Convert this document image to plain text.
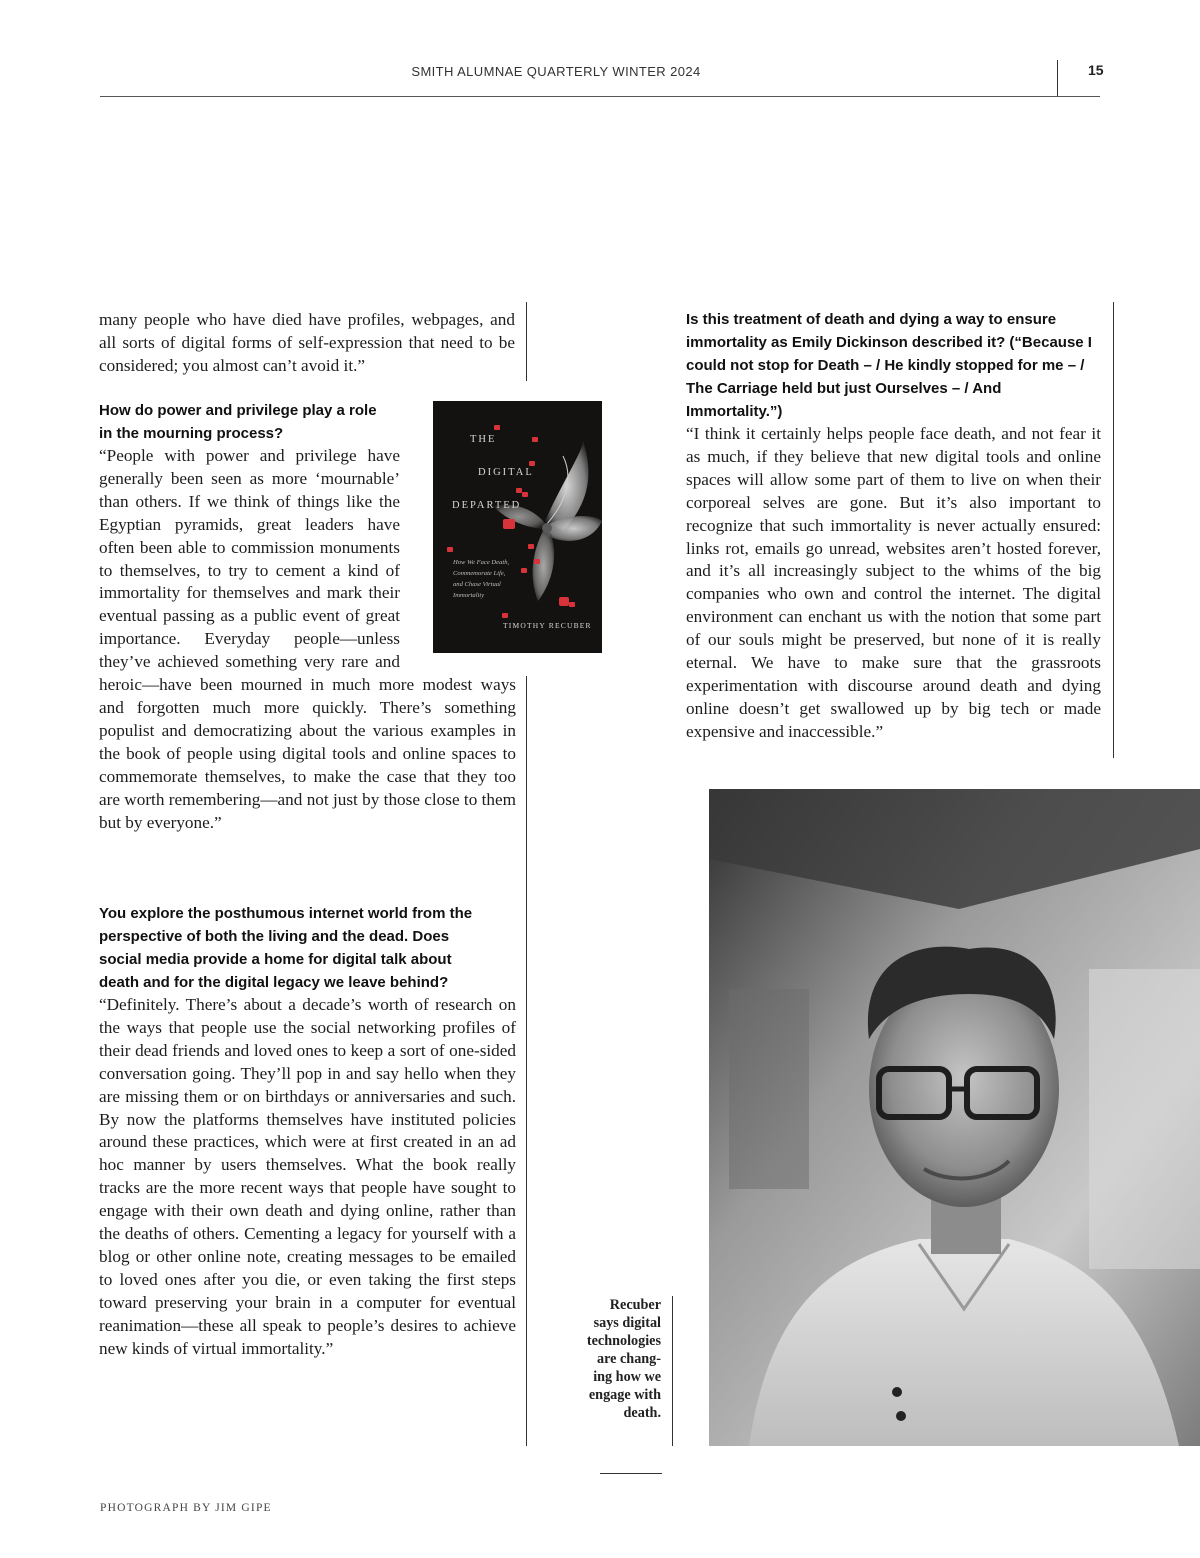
SMITH ALUMNAE QUARTERLY WINTER 2024	15
many people who have died have profiles, webpages, and all sorts of digital forms of self-expression that need to be considered; you almost can’t avoid it.”
How do power and privilege play a role in the mourning process?
“People with power and privilege have generally been seen as more ‘mournable’ than others. If we think of things like the Egyptian pyramids, great leaders have often been able to commission monuments to themselves, to try to cement a kind of immortality for themselves and mark their eventual passing as a public event of great importance. Everyday people—unless they’ve achieved something very rare and heroic—have been mourned in much more modest ways and forgotten much more quickly. There’s something populist and democratizing about the various examples in the book of people using digital tools and online spaces to commemorate themselves, to make the case that they too are worth remembering—and not just by those close to them but by everyone.”
You explore the posthumous internet world from the perspective of both the living and the dead. Does social media provide a home for digital talk about death and for the digital legacy we leave behind?
“Definitely. There’s about a decade’s worth of research on the ways that people use the social networking profiles of their dead friends and loved ones to keep a sort of one-sided conversation going. They’ll pop in and say hello when they are missing them or on birthdays or anniversaries and such. By now the platforms themselves have instituted policies around these practices, which were at first created in an ad hoc manner by users themselves. What the book really tracks are the more recent ways that people have sought to engage with their own death and dying online, rather than the deaths of others. Cementing a legacy for yourself with a blog or other online note, creating messages to be emailed to loved ones after you die, or even taking the first steps toward preserving your brain in a computer for eventual reanimation—these all speak to people’s desires to achieve new kinds of virtual immortality.”
THE
DIGITAL
DEPARTED
How We Face Death,
Commemorate Life,
and Chase Virtual
Immortality
TIMOTHY RECUBER
Is this treatment of death and dying a way to ensure immortality as Emily Dickinson described it? (“Because I could not stop for Death – / He kindly stopped for me – / The Carriage held but just Ourselves – / And Immortality.”)
“I think it certainly helps people face death, and not fear it as much, if they believe that new digital tools and online spaces will allow some part of them to live on when their corporeal selves are gone. But it’s also important to recognize that such immortality is never actually ensured: links rot, emails go unread, websites aren’t hosted forever, and it’s all increasingly subject to the whims of the big companies who own and control the internet. The digital environment can enchant us with the notion that some part of our souls might be preserved, but none of it is really eternal. We have to make sure that the grassroots experimentation with discourse around death and dying online doesn’t get swallowed up by big tech or made expensive and inaccessible.”
Recuber
says digital
technologies
are chang-
ing how we
engage with
death.
PHOTOGRAPH BY JIM GIPE
